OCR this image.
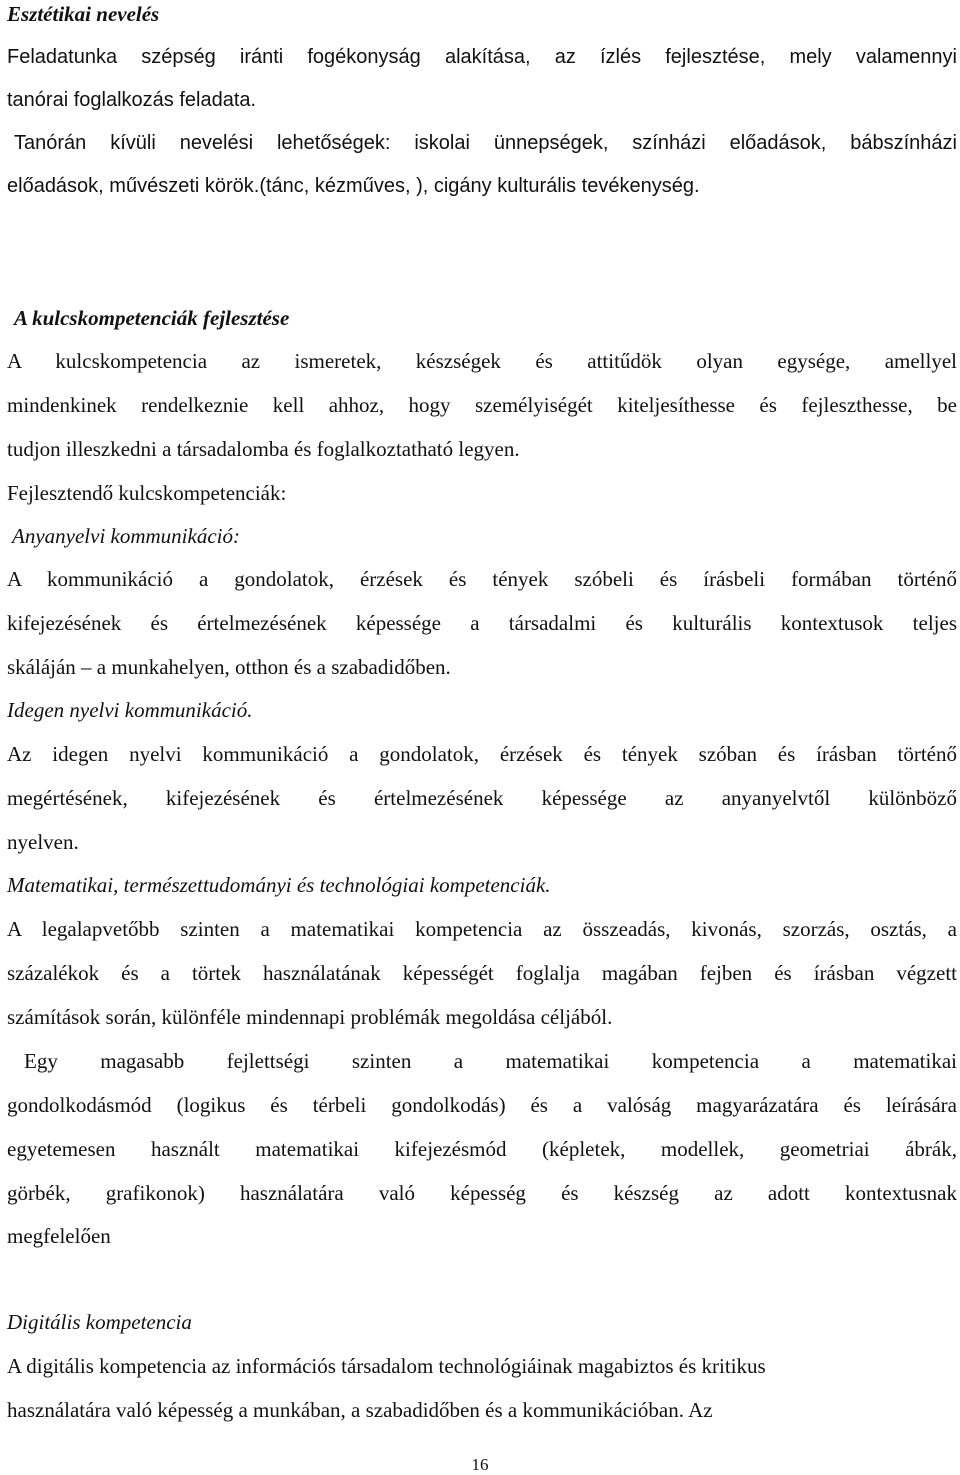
Esztétikai nevelés
Feladatunka szépség iránti fogékonyság alakítása, az ízlés fejlesztése, mely valamennyi
tanórai foglalkozás feladata.
Tanórán kívüli nevelési lehetőségek: iskolai ünnepségek, színházi előadások, bábszínházi
előadások, művészeti körök.(tánc, kézműves, ), cigány kulturális tevékenység.
A kulcskompetenciák fejlesztése
A kulcskompetencia az ismeretek, készségek és attitűdök olyan egysége, amellyel
mindenkinek rendelkeznie kell ahhoz, hogy személyiségét kiteljesíthesse és fejleszthesse, be
tudjon illeszkedni a társadalomba és foglalkoztatható legyen.
Fejlesztendő kulcskompetenciák:
Anyanyelvi kommunikáció:
A kommunikáció a gondolatok, érzések és tények szóbeli és írásbeli formában történő
kifejezésének és értelmezésének képessége a társadalmi és kulturális kontextusok teljes
skáláján – a munkahelyen, otthon és a szabadidőben.
Idegen nyelvi kommunikáció.
Az idegen nyelvi kommunikáció a gondolatok, érzések és tények szóban és írásban történő
megértésének, kifejezésének és értelmezésének képessége az anyanyelvtől különböző
nyelven.
Matematikai, természettudományi és technológiai kompetenciák.
A legalapvetőbb szinten a matematikai kompetencia az összeadás, kivonás, szorzás, osztás, a
százalékok és a törtek használatának képességét foglalja magában fejben és írásban végzett
számítások során, különféle mindennapi problémák megoldása céljából.
Egy magasabb fejlettségi szinten a matematikai kompetencia a matematikai
gondolkodásmód (logikus és térbeli gondolkodás) és a valóság magyarázatára és leírására
egyetemesen használt matematikai kifejezésmód (képletek, modellek, geometriai ábrák,
görbék, grafikonok) használatára való képesség és készség az adott kontextusnak
megfelelően
Digitális kompetencia
A digitális kompetencia az információs társadalom technológiáinak magabiztos és kritikus
használatára való képesség a munkában, a szabadidőben és a kommunikációban. Az
16
